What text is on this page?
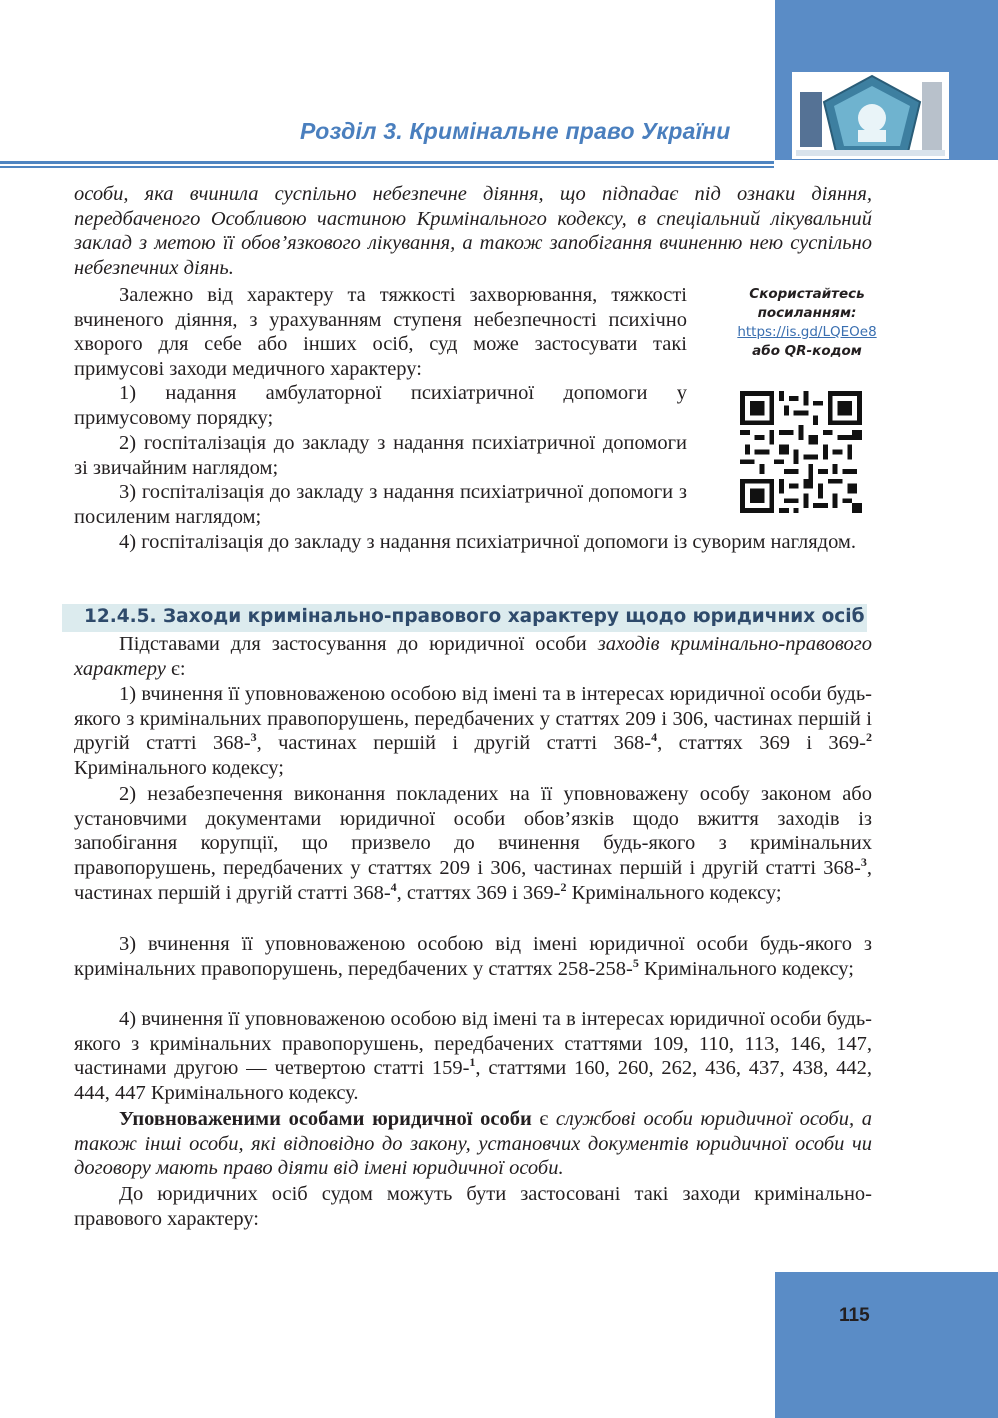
Розділ 3. Кримінальне право України

особи, яка вчинила суспільно небезпечне діяння, що підпадає під ознаки діяння, передбаченого Особливою частиною Кримінального кодексу, в спеціальний лікувальний заклад з метою її обов’язкового лікування, а також запобігання вчиненню нею суспільно небезпечних діянь.

Залежно від характеру та тяжкості захворювання, тяжкості вчиненого діяння, з урахуванням ступеня небезпечності психічно хворого для себе або інших осіб, суд може застосувати такі примусові заходи медичного характеру:

1) надання амбулаторної психіатричної допомоги у примусовому порядку;

2) госпіталізація до закладу з надання психіатричної допомоги зі звичайним наглядом;

3) госпіталізація до закладу з надання психіатричної допомоги з посиленим наглядом;

4) госпіталізація до закладу з надання психіатричної допомоги із суворим наглядом.

Скористайтесь
посиланням:
https://is.gd/LQEOe8
або QR-кодом
12.4.5. Заходи кримінально-правового характеру щодо юридичних осіб

Підставами для застосування до юридичної особи заходів кримінально-правового характеру є:

1) вчинення її уповноваженою особою від імені та в інтересах юридичної особи будь-якого з кримінальних правопорушень, передбачених у статтях 209 і 306, частинах першій і другій статті 368-$^3$, частинах першій і другій статті 368-$^4$, статтях 369 і 369-$^2$ Кримінального кодексу;

2) незабезпечення виконання покладених на її уповноважену особу законом або установчими документами юридичної особи обов’язків щодо вжиття заходів із запобігання корупції, що призвело до вчинення будь-якого з кримінальних правопорушень, передбачених у статтях 209 і 306, частинах першій і другій статті 368-$^3$, частинах першій і другій статті 368-$^4$, статтях 369 і 369-$^2$ Кримінального кодексу;

3) вчинення її уповноваженою особою від імені юридичної особи будь-якого з кримінальних правопорушень, передбачених у статтях 258-258-$^5$ Кримінального кодексу;

4) вчинення її уповноваженою особою від імені та в інтересах юридичної особи будь-якого з кримінальних правопорушень, передбачених статтями 109, 110, 113, 146, 147, частинами другою — четвертою статті 159-$^1$, статтями 160, 260, 262, 436, 437, 438, 442, 444, 447 Кримінального кодексу.

Уповноваженими особами юридичної особи є службові особи юридичної особи, а також інші особи, які відповідно до закону, установчих документів юридичної особи чи договору мають право діяти від імені юридичної особи.

До юридичних осіб судом можуть бути застосовані такі заходи кримінально-правового характеру:

115
